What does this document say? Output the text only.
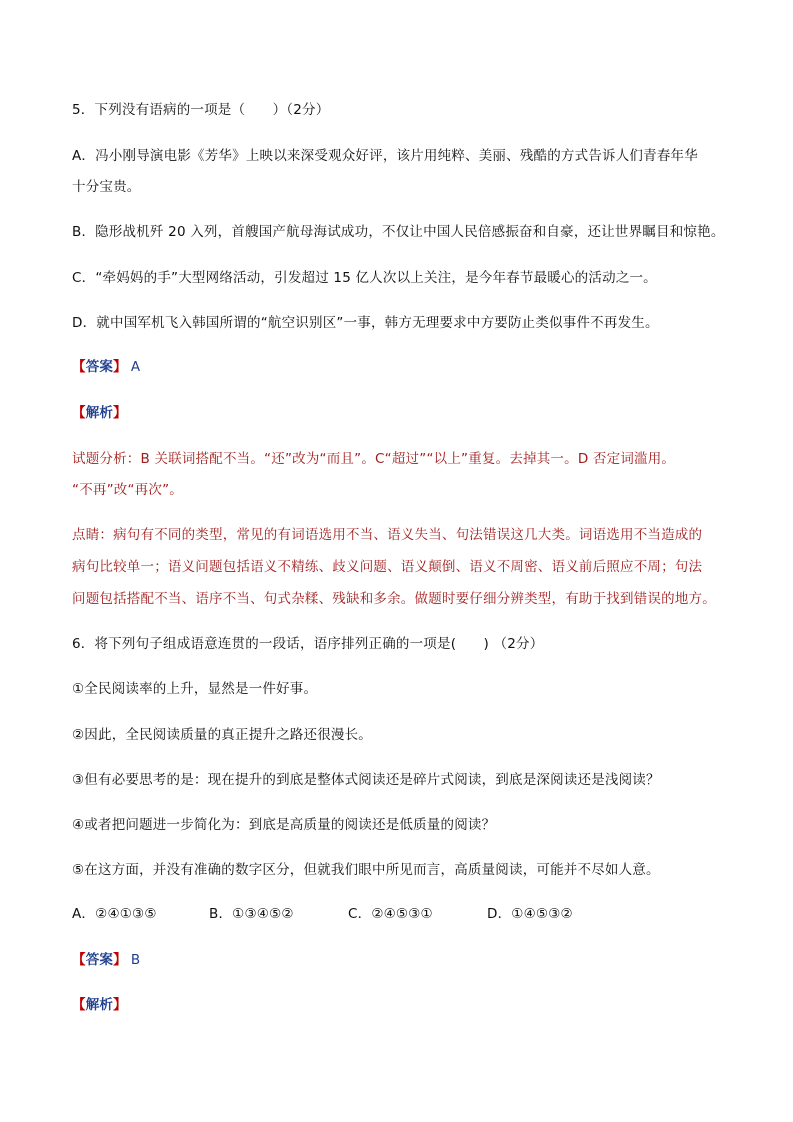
5．下列没有语病的一项是（　　）（2分）
A．冯小刚导演电影《芳华》上映以来深受观众好评，该片用纯粹、美丽、残酷的方式告诉人们青春年华
十分宝贵。
B．隐形战机歼 20 入列，首艘国产航母海试成功，不仅让中国人民倍感振奋和自豪，还让世界瞩目和惊艳。
C．“牵妈妈的手”大型网络活动，引发超过 15 亿人次以上关注，是今年春节最暖心的活动之一。
D．就中国军机飞入韩国所谓的“航空识别区”一事，韩方无理要求中方要防止类似事件不再发生。
【答案】 A
【解析】
试题分析：B 关联词搭配不当。“还”改为“而且”。C“超过”“以上”重复。去掉其一。D 否定词滥用。
“不再”改“再次”。
点睛：病句有不同的类型，常见的有词语选用不当、语义失当、句法错误这几大类。词语选用不当造成的
病句比较单一；语义问题包括语义不精练、歧义问题、语义颠倒、语义不周密、语义前后照应不周；句法
问题包括搭配不当、语序不当、句式杂糅、残缺和多余。做题时要仔细分辨类型，有助于找到错误的地方。
6．将下列句子组成语意连贯的一段话，语序排列正确的一项是(　　) （2分）
①全民阅读率的上升，显然是一件好事。
②因此，全民阅读质量的真正提升之路还很漫长。
③但有必要思考的是：现在提升的到底是整体式阅读还是碎片式阅读，到底是深阅读还是浅阅读？
④或者把问题进一步简化为：到底是高质量的阅读还是低质量的阅读？
⑤在这方面，并没有准确的数字区分，但就我们眼中所见而言，高质量阅读，可能并不尽如人意。
A．②④①③⑤	B．①③④⑤②	C．②④⑤③①	D．①④⑤③②
【答案】 B
【解析】
